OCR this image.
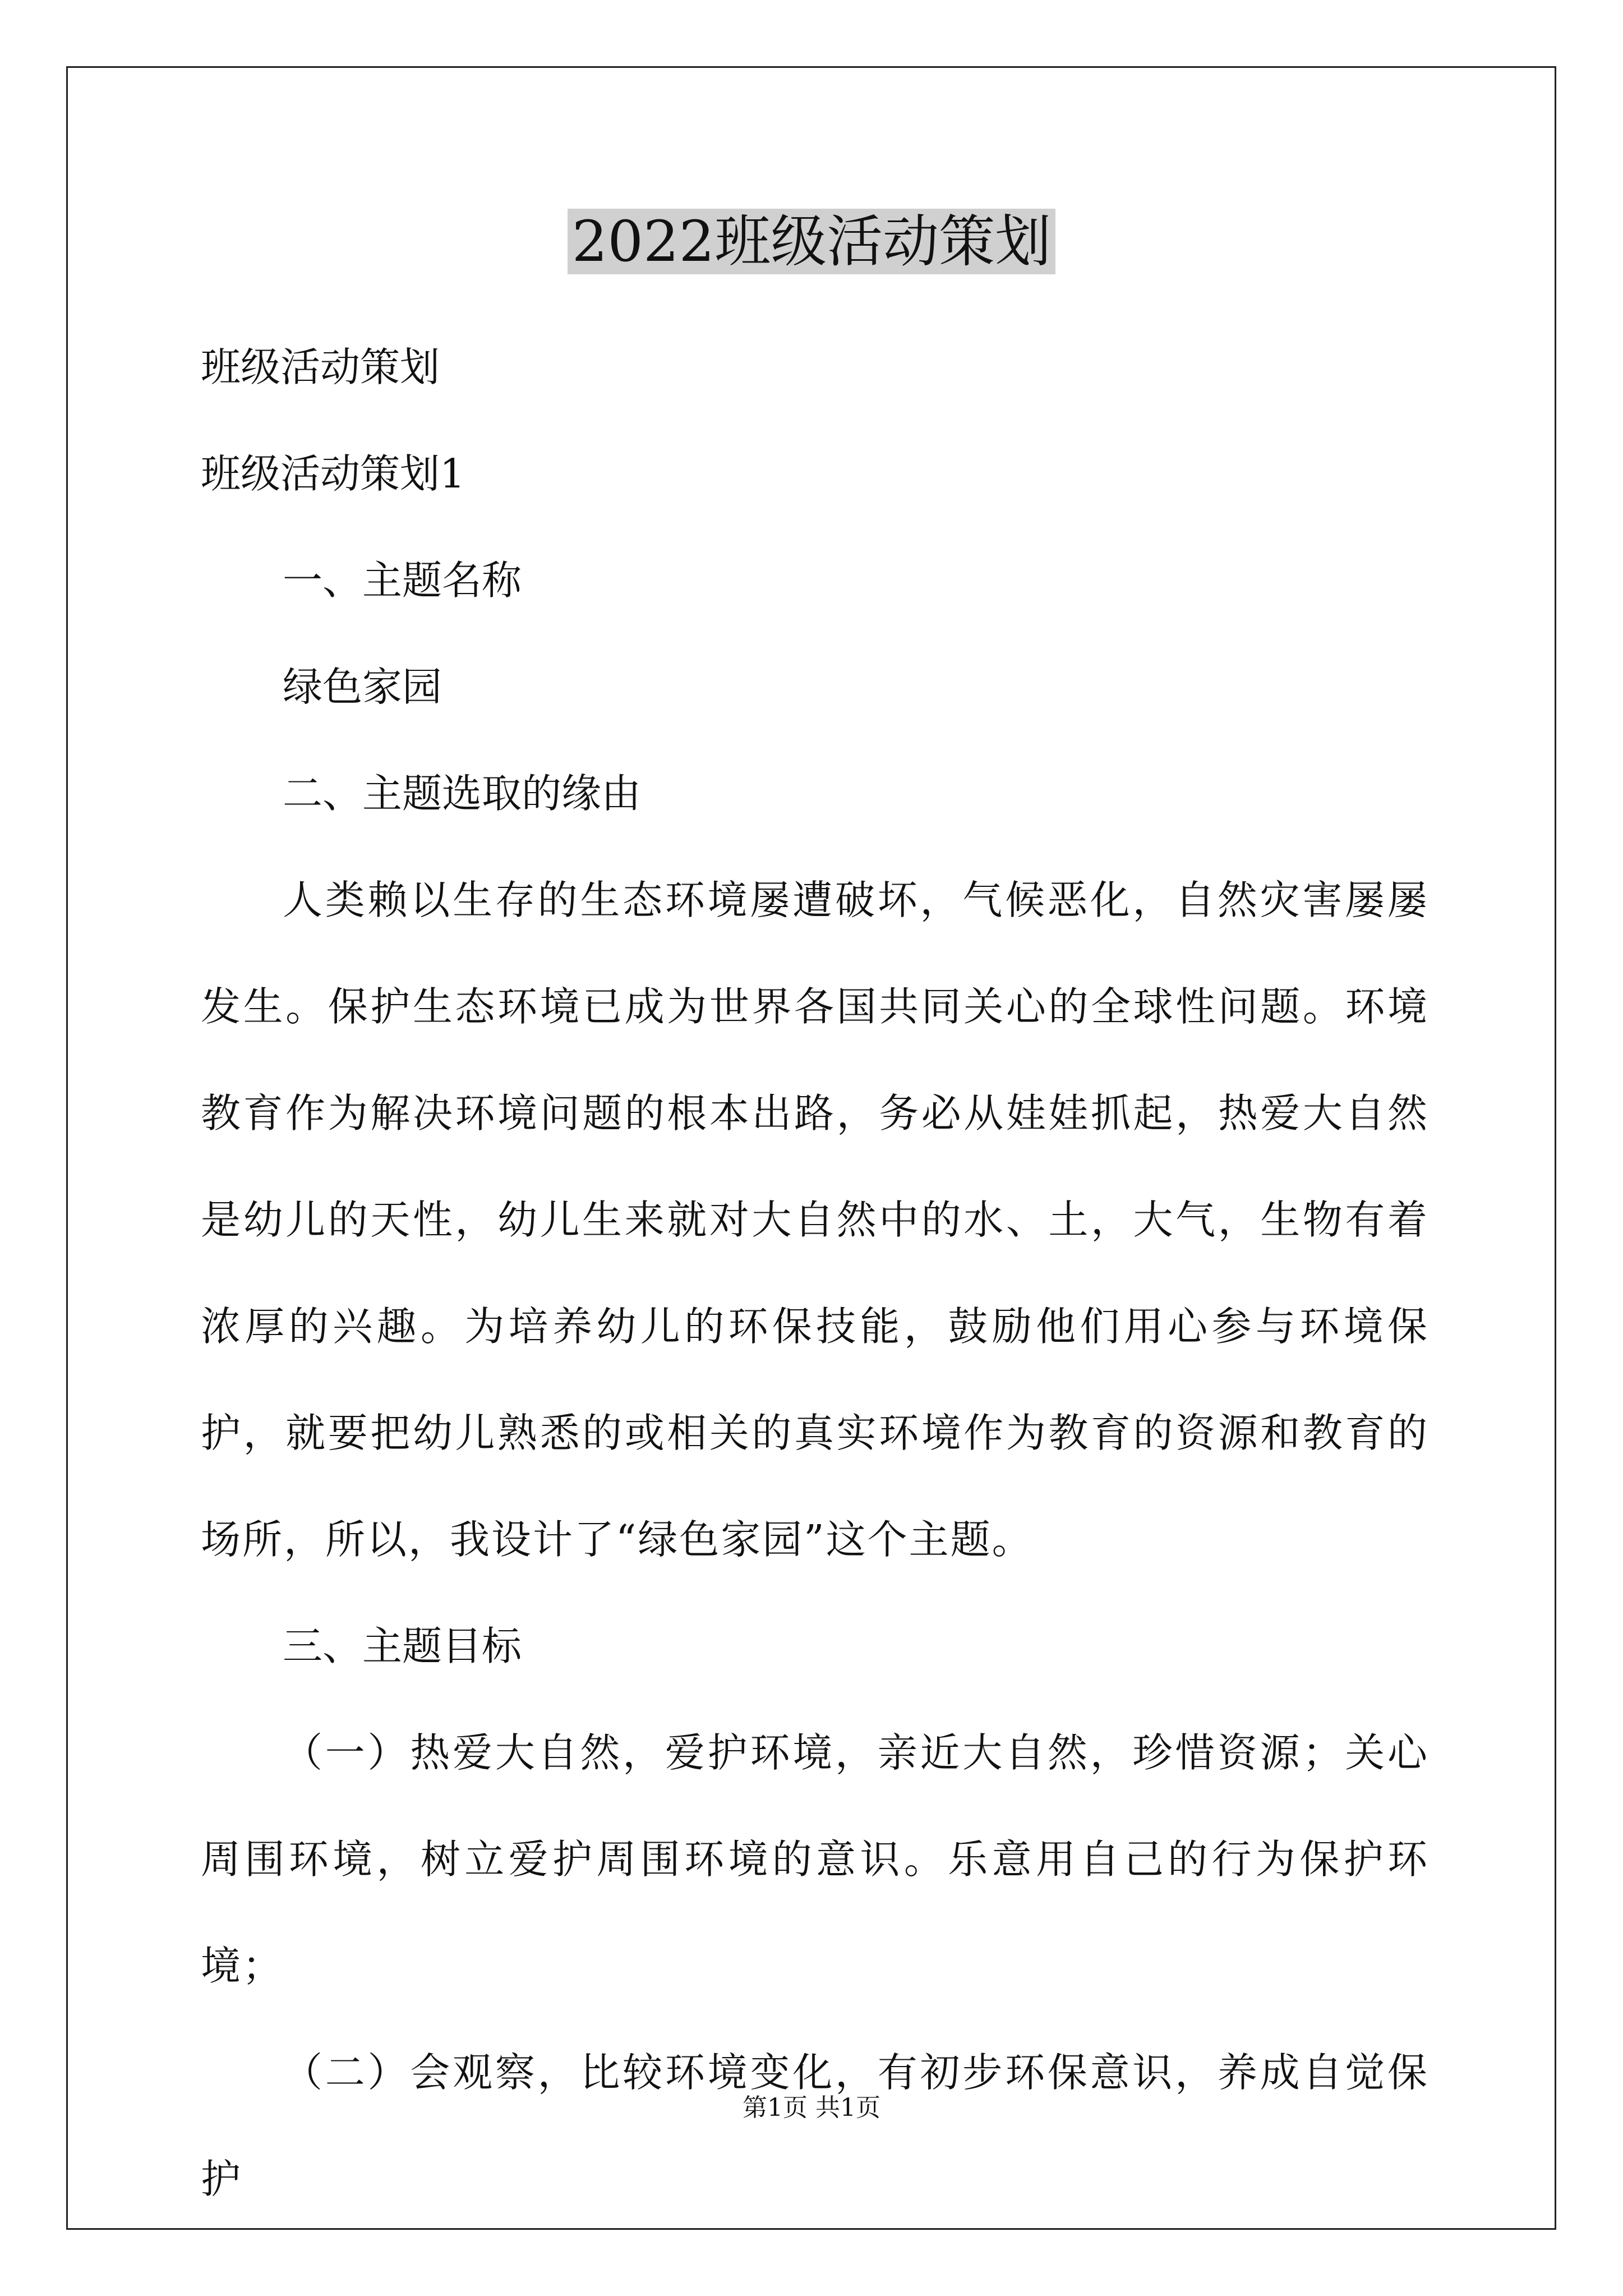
2022班级活动策划

班级活动策划

班级活动策划1

一、主题名称

绿色家园

二、主题选取的缘由

人类赖以生存的生态环境屡遭破坏，气候恶化，自然灾害屡屡发生。保护生态环境已成为世界各国共同关心的全球性问题。环境教育作为解决环境问题的根本出路，务必从娃娃抓起，热爱大自然是幼儿的天性，幼儿生来就对大自然中的水、土，大气，生物有着浓厚的兴趣。为培养幼儿的环保技能，鼓励他们用心参与环境保护，就要把幼儿熟悉的或相关的真实环境作为教育的资源和教育的场所，所以，我设计了“绿色家园”这个主题。

三、主题目标

（一）热爱大自然，爱护环境，亲近大自然，珍惜资源；关心周围环境，树立爱护周围环境的意识。乐意用自己的行为保护环境；

（二）会观察，比较环境变化，有初步环保意识，养成自觉保护

第1页 共1页
